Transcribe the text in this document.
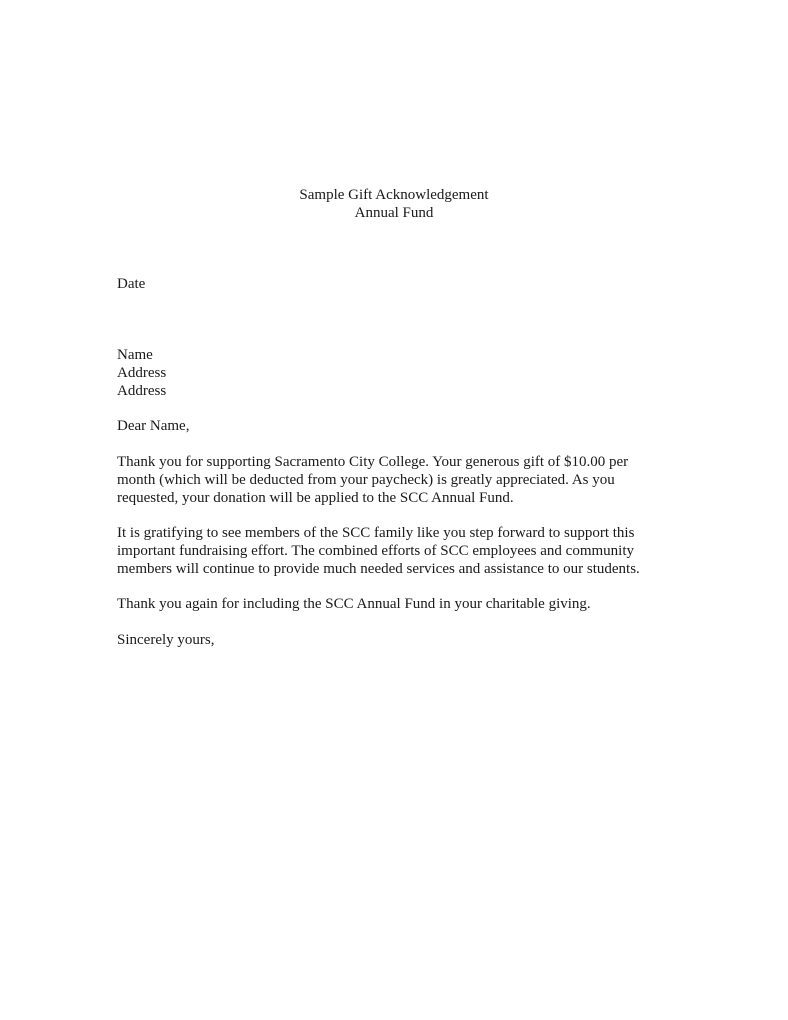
Sample Gift Acknowledgement
Annual Fund
Date
Name
Address
Address
Dear Name,
Thank you for supporting Sacramento City College. Your generous gift of $10.00 per
month (which will be deducted from your paycheck) is greatly appreciated. As you
requested, your donation will be applied to the SCC Annual Fund.
It is gratifying to see members of the SCC family like you step forward to support this
important fundraising effort. The combined efforts of SCC employees and community
members will continue to provide much needed services and assistance to our students.
Thank you again for including the SCC Annual Fund in your charitable giving.
Sincerely yours,
